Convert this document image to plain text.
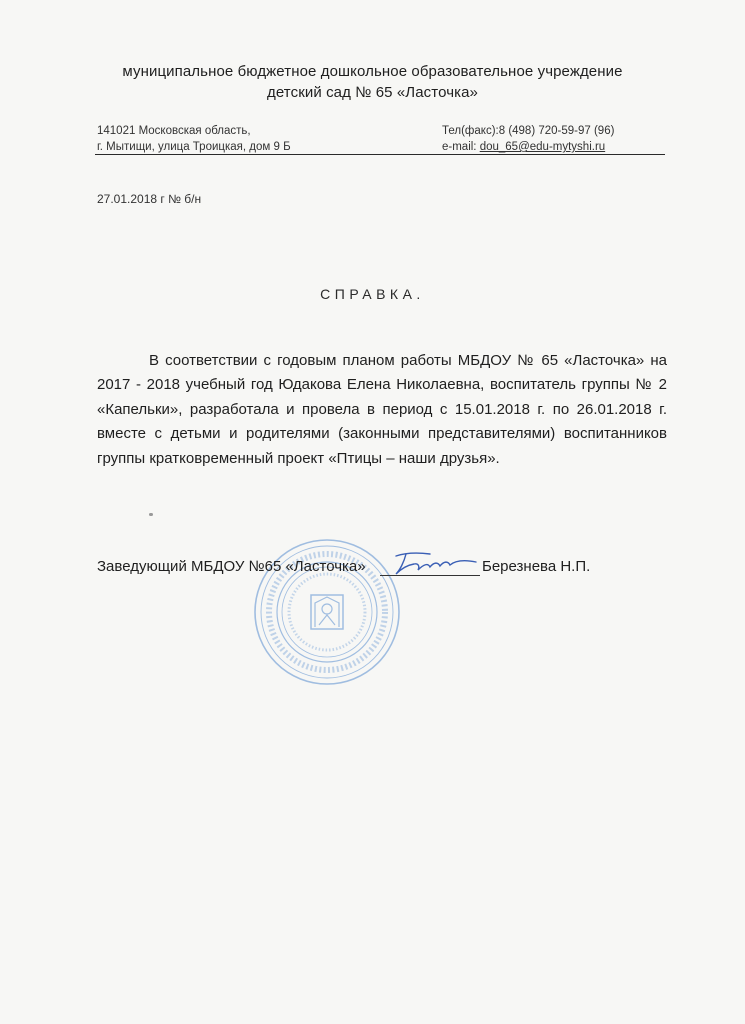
муниципальное бюджетное дошкольное образовательное учреждение
детский сад № 65 «Ласточка»
141021 Московская область,
г. Мытищи, улица Троицкая, дом 9 Б
Тел(факс):8 (498) 720-59-97 (96)
e-mail: dou_65@edu-mytyshi.ru
27.01.2018 г № б/н
СПРАВКА.
В соответствии с годовым планом работы МБДОУ № 65 «Ласточка» на 2017 - 2018 учебный год Юдакова Елена Николаевна, воспитатель группы № 2 «Капельки», разработала и провела в период с 15.01.2018 г. по 26.01.2018 г. вместе с детьми и родителями (законными представителями) воспитанников группы кратковременный проект «Птицы – наши друзья».
Заведующий МБДОУ №65 «Ласточка»	Березнева Н.П.
